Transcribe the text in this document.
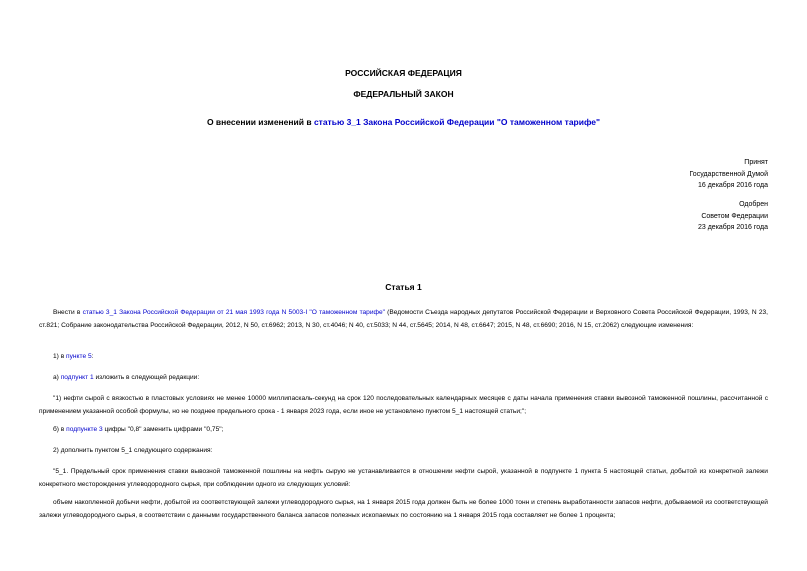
РОССИЙСКАЯ ФЕДЕРАЦИЯ
ФЕДЕРАЛЬНЫЙ ЗАКОН
О внесении изменений в статью 3_1 Закона Российской Федерации "О таможенном тарифе"
Принят
Государственной Думой
16 декабря 2016 года
Одобрен
Советом Федерации
23 декабря 2016 года
Статья 1
Внести в статью 3_1 Закона Российской Федерации от 21 мая 1993 года N 5003-I "О таможенном тарифе" (Ведомости Съезда народных депутатов Российской Федерации и Верховного Совета Российской Федерации, 1993, N 23, ст.821; Собрание законодательства Российской Федерации, 2012, N 50, ст.6962; 2013, N 30, ст.4046; N 40, ст.5033; N 44, ст.5645; 2014, N 48, ст.6647; 2015, N 48, ст.6690; 2016, N 15, ст.2062) следующие изменения:
1) в пункте 5:
а) подпункт 1 изложить в следующей редакции:
"1) нефти сырой с вязкостью в пластовых условиях не менее 10000 миллипаскаль-секунд на срок 120 последовательных календарных месяцев с даты начала применения ставки вывозной таможенной пошлины, рассчитанной с применением указанной особой формулы, но не позднее предельного срока - 1 января 2023 года, если иное не установлено пунктом 5_1 настоящей статьи;";
б) в подпункте 3 цифры "0,8" заменить цифрами "0,75";
2) дополнить пунктом 5_1 следующего содержания:
"5_1. Предельный срок применения ставки вывозной таможенной пошлины на нефть сырую не устанавливается в отношении нефти сырой, указанной в подпункте 1 пункта 5 настоящей статьи, добытой из конкретной залежи конкретного месторождения углеводородного сырья, при соблюдении одного из следующих условий:
объем накопленной добычи нефти, добытой из соответствующей залежи углеводородного сырья, на 1 января 2015 года должен быть не более 1000 тонн и степень выработанности запасов нефти, добываемой из соответствующей залежи углеводородного сырья, в соответствии с данными государственного баланса запасов полезных ископаемых по состоянию на 1 января 2015 года составляет не более 1 процента;
